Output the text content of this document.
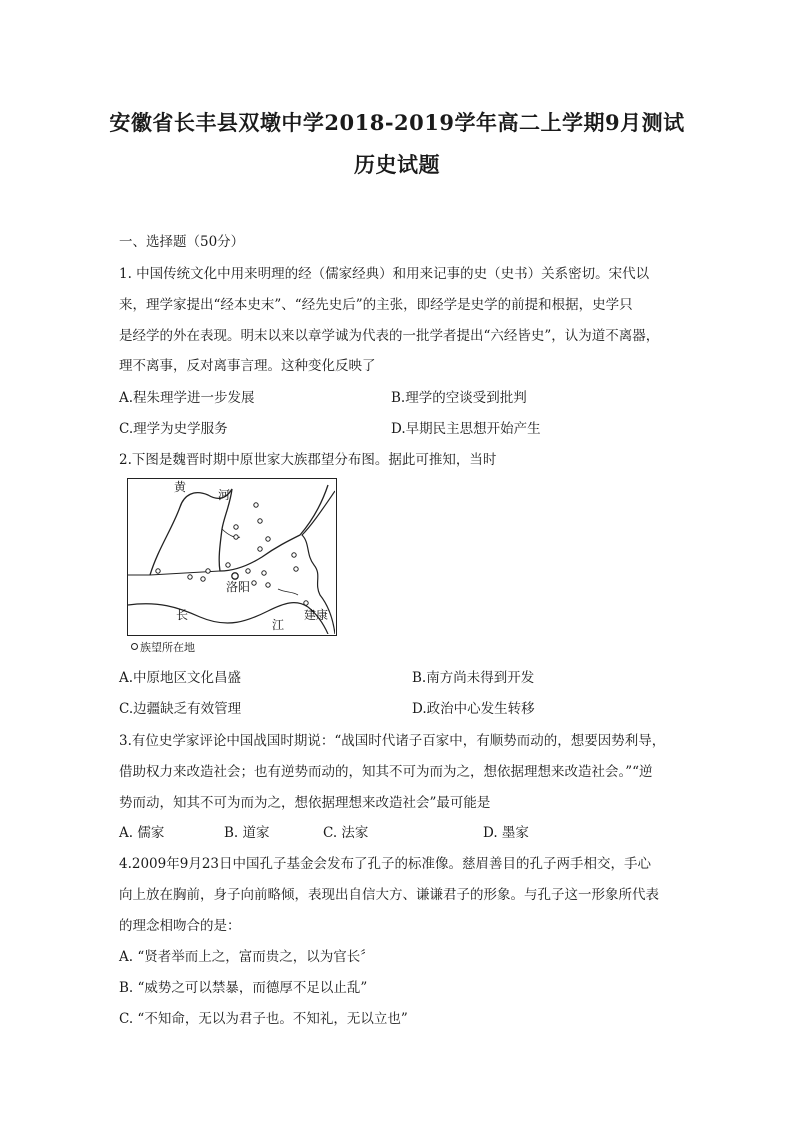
安徽省长丰县双墩中学2018-2019学年高二上学期9月测试
历史试题
一、选择题（50分）
1. 中国传统文化中用来明理的经（儒家经典）和用来记事的史（史书）关系密切。宋代以
来，理学家提出“经本史末”、“经先史后”的主张，即经学是史学的前提和根据，史学只
是经学的外在表现。明末以来以章学诚为代表的一批学者提出“六经皆史”，认为道不离器，
理不离事，反对离事言理。这种变化反映了
A.程朱理学进一步发展	B.理学的空谈受到批判
C.理学为史学服务	D.早期民主思想开始产生
2.下图是魏晋时期中原世家大族郡望分布图。据此可推知，当时
黄
河
洛阳
长
江
建康
族望所在地
A.中原地区文化昌盛	B.南方尚未得到开发
C.边疆缺乏有效管理	D.政治中心发生转移
3.有位史学家评论中国战国时期说：“战国时代诸子百家中，有顺势而动的，想要因势利导，
借助权力来改造社会；也有逆势而动的，知其不可为而为之，想依据理想来改造社会。”“逆
势而动，知其不可为而为之，想依据理想来改造社会”最可能是
A. 儒家	B. 道家	C. 法家	D. 墨家
4.2009年9月23日中国孔子基金会发布了孔子的标准像。慈眉善目的孔子两手相交，手心
向上放在胸前，身子向前略倾，表现出自信大方、谦谦君子的形象。与孔子这一形象所代表
的理念相吻合的是：
A. “贤者举而上之，富而贵之，以为官长〞
B. “威势之可以禁暴，而德厚不足以止乱”
C. “不知命，无以为君子也。不知礼，无以立也”
